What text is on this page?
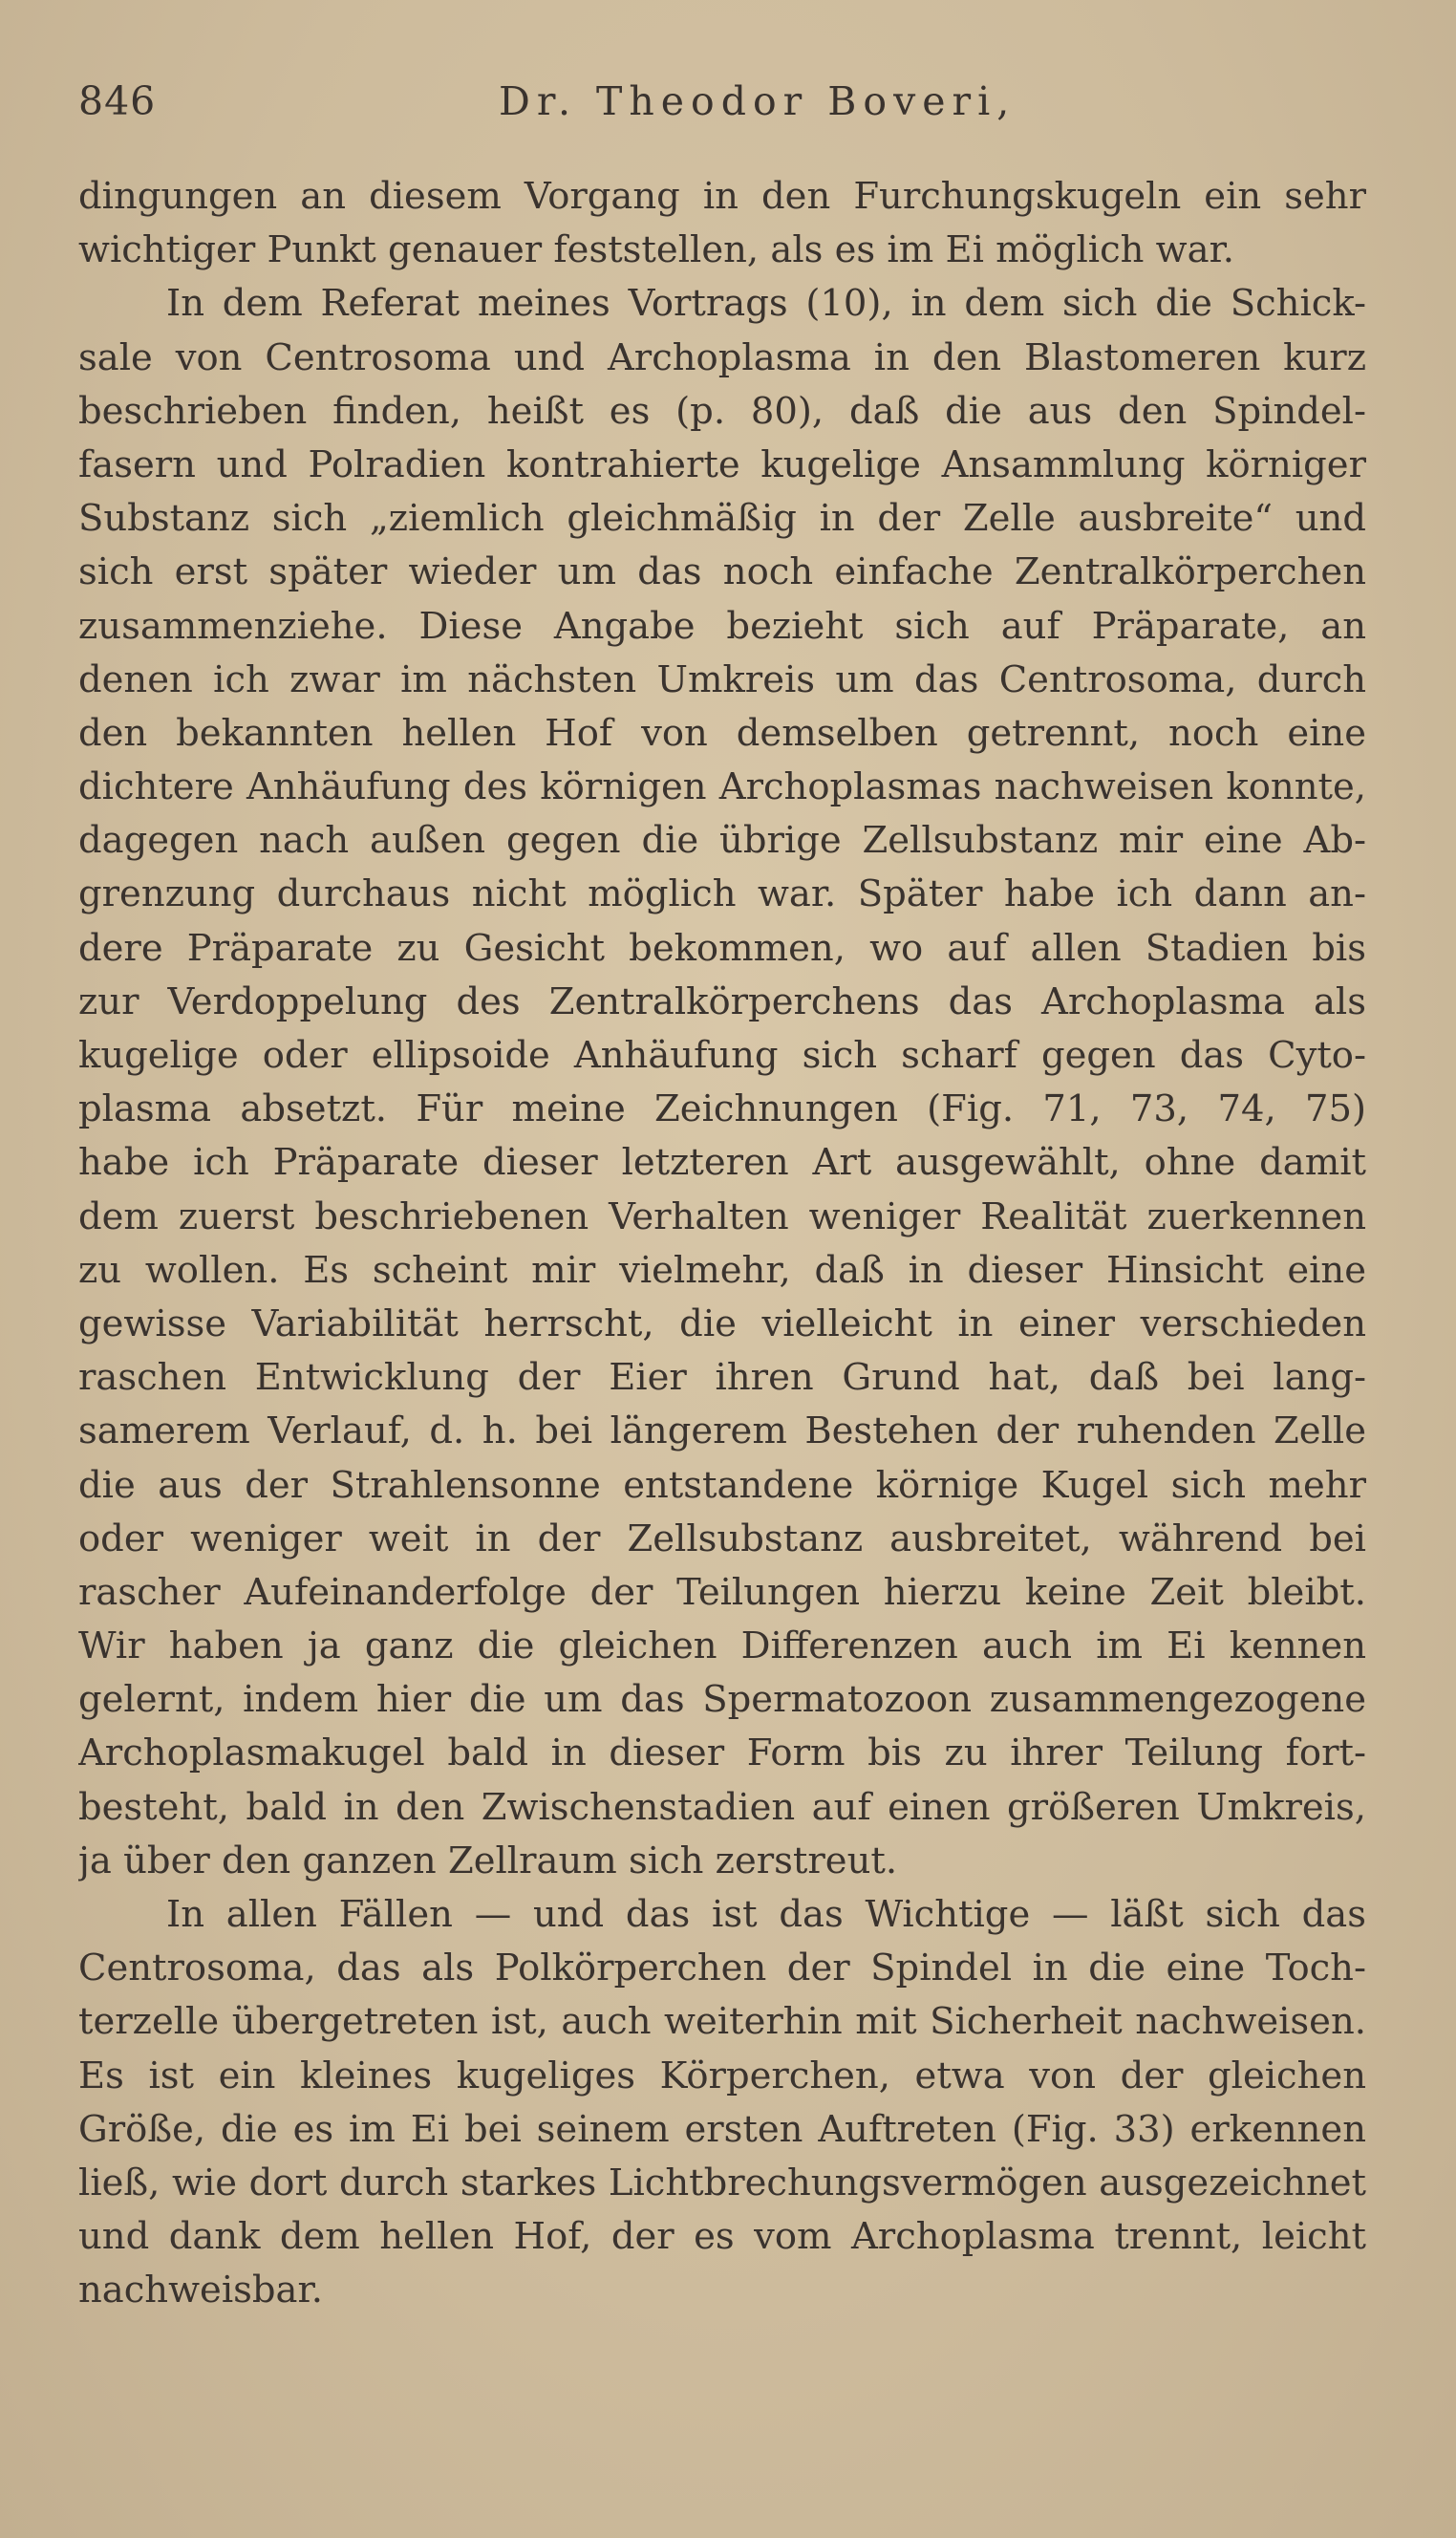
846	Dr. Theodor Boveri,
dingungen an diesem Vorgang in den Furchungskugeln ein sehr
wichtiger Punkt genauer feststellen, als es im Ei möglich war.
In dem Referat meines Vortrags (10), in dem sich die Schick-
sale von Centrosoma und Archoplasma in den Blastomeren kurz
beschrieben finden, heißt es (p. 80), daß die aus den Spindel-
fasern und Polradien kontrahierte kugelige Ansammlung körniger
Substanz sich „ziemlich gleichmäßig in der Zelle ausbreite“ und
sich erst später wieder um das noch einfache Zentralkörperchen
zusammenziehe. Diese Angabe bezieht sich auf Präparate, an
denen ich zwar im nächsten Umkreis um das Centrosoma, durch
den bekannten hellen Hof von demselben getrennt, noch eine
dichtere Anhäufung des körnigen Archoplasmas nachweisen konnte,
dagegen nach außen gegen die übrige Zellsubstanz mir eine Ab-
grenzung durchaus nicht möglich war. Später habe ich dann an-
dere Präparate zu Gesicht bekommen, wo auf allen Stadien bis
zur Verdoppelung des Zentralkörperchens das Archoplasma als
kugelige oder ellipsoide Anhäufung sich scharf gegen das Cyto-
plasma absetzt. Für meine Zeichnungen (Fig. 71, 73, 74, 75)
habe ich Präparate dieser letzteren Art ausgewählt, ohne damit
dem zuerst beschriebenen Verhalten weniger Realität zuerkennen
zu wollen. Es scheint mir vielmehr, daß in dieser Hinsicht eine
gewisse Variabilität herrscht, die vielleicht in einer verschieden
raschen Entwicklung der Eier ihren Grund hat, daß bei lang-
samerem Verlauf, d. h. bei längerem Bestehen der ruhenden Zelle
die aus der Strahlensonne entstandene körnige Kugel sich mehr
oder weniger weit in der Zellsubstanz ausbreitet, während bei
rascher Aufeinanderfolge der Teilungen hierzu keine Zeit bleibt.
Wir haben ja ganz die gleichen Differenzen auch im Ei kennen
gelernt, indem hier die um das Spermatozoon zusammengezogene
Archoplasmakugel bald in dieser Form bis zu ihrer Teilung fort-
besteht, bald in den Zwischenstadien auf einen größeren Umkreis,
ja über den ganzen Zellraum sich zerstreut.
In allen Fällen — und das ist das Wichtige — läßt sich das
Centrosoma, das als Polkörperchen der Spindel in die eine Toch-
terzelle übergetreten ist, auch weiterhin mit Sicherheit nachweisen.
Es ist ein kleines kugeliges Körperchen, etwa von der gleichen
Größe, die es im Ei bei seinem ersten Auftreten (Fig. 33) erkennen
ließ, wie dort durch starkes Lichtbrechungsvermögen ausgezeichnet
und dank dem hellen Hof, der es vom Archoplasma trennt, leicht
nachweisbar.
